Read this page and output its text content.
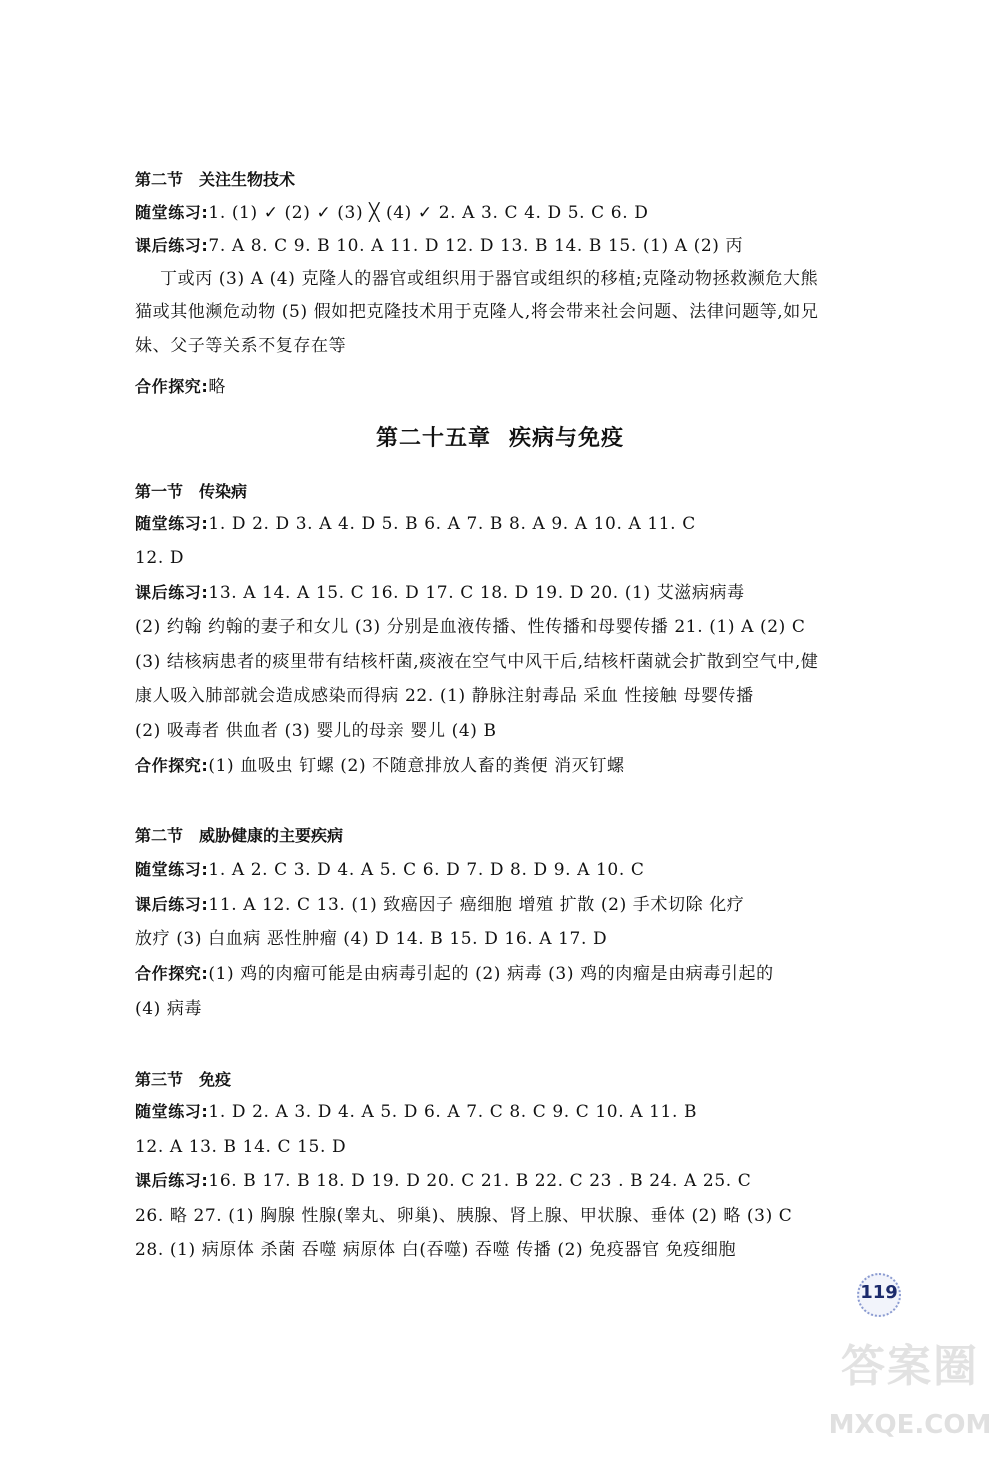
第二节 关注生物技术
随堂练习:1. (1) ✓ (2) ✓ (3) ╳ (4) ✓ 2. A 3. C 4. D 5. C 6. D
课后练习:7. A 8. C 9. B 10. A 11. D 12. D 13. B 14. B 15. (1) A (2) 丙
丁或丙 (3) A (4) 克隆人的器官或组织用于器官或组织的移植;克隆动物拯救濒危大熊
猫或其他濒危动物 (5) 假如把克隆技术用于克隆人,将会带来社会问题、法律问题等,如兄
妹、父子等关系不复存在等
合作探究:略
第二十五章 疾病与免疫
第一节 传染病
随堂练习:1. D 2. D 3. A 4. D 5. B 6. A 7. B 8. A 9. A 10. A 11. C
12. D
课后练习:13. A 14. A 15. C 16. D 17. C 18. D 19. D 20. (1) 艾滋病病毒
(2) 约翰 约翰的妻子和女儿 (3) 分别是血液传播、性传播和母婴传播 21. (1) A (2) C
(3) 结核病患者的痰里带有结核杆菌,痰液在空气中风干后,结核杆菌就会扩散到空气中,健
康人吸入肺部就会造成感染而得病 22. (1) 静脉注射毒品 采血 性接触 母婴传播
(2) 吸毒者 供血者 (3) 婴儿的母亲 婴儿 (4) B
合作探究:(1) 血吸虫 钉螺 (2) 不随意排放人畜的粪便 消灭钉螺
第二节 威胁健康的主要疾病
随堂练习:1. A 2. C 3. D 4. A 5. C 6. D 7. D 8. D 9. A 10. C
课后练习:11. A 12. C 13. (1) 致癌因子 癌细胞 增殖 扩散 (2) 手术切除 化疗
放疗 (3) 白血病 恶性肿瘤 (4) D 14. B 15. D 16. A 17. D
合作探究:(1) 鸡的肉瘤可能是由病毒引起的 (2) 病毒 (3) 鸡的肉瘤是由病毒引起的
(4) 病毒
第三节 免疫
随堂练习:1. D 2. A 3. D 4. A 5. D 6. A 7. C 8. C 9. C 10. A 11. B
12. A 13. B 14. C 15. D
课后练习:16. B 17. B 18. D 19. D 20. C 21. B 22. C 23 . B 24. A 25. C
26. 略 27. (1) 胸腺 性腺(睾丸、卵巢)、胰腺、肾上腺、甲状腺、垂体 (2) 略 (3) C
28. (1) 病原体 杀菌 吞噬 病原体 白(吞噬) 吞噬 传播 (2) 免疫器官 免疫细胞
119
答案圈
MXQE.COM
